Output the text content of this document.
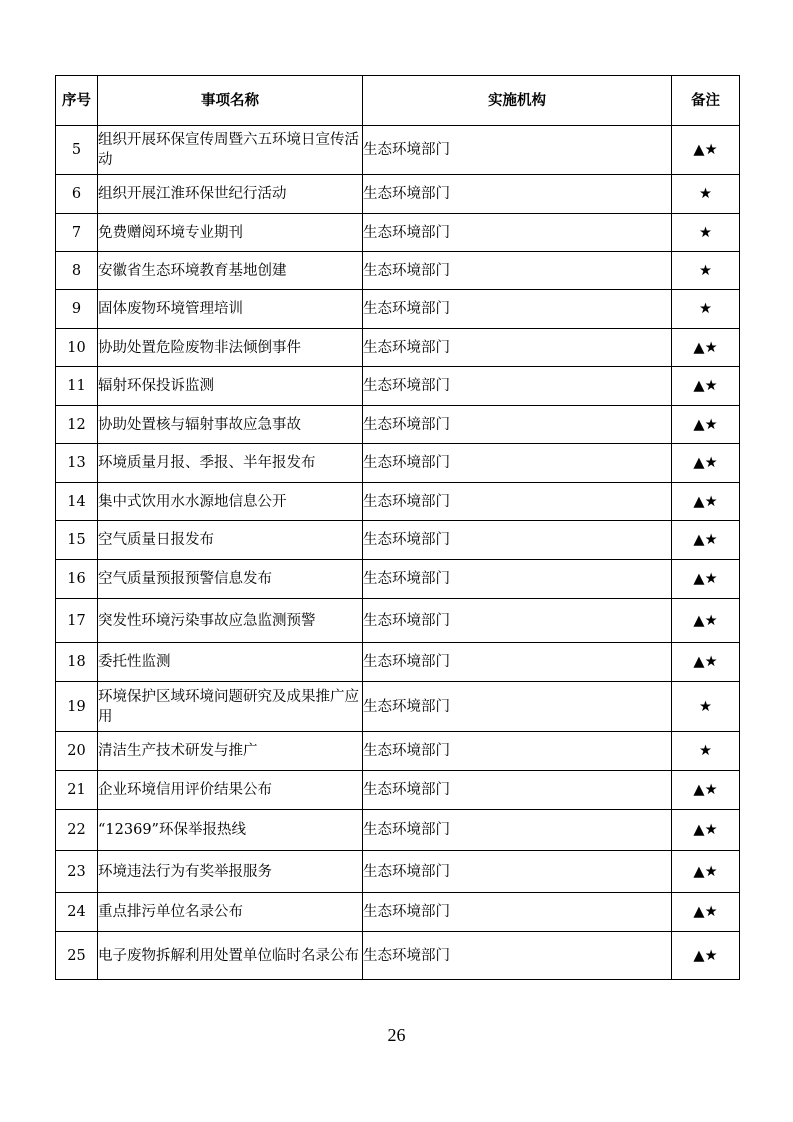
序号	事项名称	实施机构	备注
5	组织开展环保宣传周暨六五环境日宣传活动	生态环境部门	▲★
6	组织开展江淮环保世纪行活动	生态环境部门	★
7	免费赠阅环境专业期刊	生态环境部门	★
8	安徽省生态环境教育基地创建	生态环境部门	★
9	固体废物环境管理培训	生态环境部门	★
10	协助处置危险废物非法倾倒事件	生态环境部门	▲★
11	辐射环保投诉监测	生态环境部门	▲★
12	协助处置核与辐射事故应急事故	生态环境部门	▲★
13	环境质量月报、季报、半年报发布	生态环境部门	▲★
14	集中式饮用水水源地信息公开	生态环境部门	▲★
15	空气质量日报发布	生态环境部门	▲★
16	空气质量预报预警信息发布	生态环境部门	▲★
17	突发性环境污染事故应急监测预警	生态环境部门	▲★
18	委托性监测	生态环境部门	▲★
19	环境保护区域环境问题研究及成果推广应用	生态环境部门	★
20	清洁生产技术研发与推广	生态环境部门	★
21	企业环境信用评价结果公布	生态环境部门	▲★
22	“12369”环保举报热线	生态环境部门	▲★
23	环境违法行为有奖举报服务	生态环境部门	▲★
24	重点排污单位名录公布	生态环境部门	▲★
25	电子废物拆解利用处置单位临时名录公布	生态环境部门	▲★
26
